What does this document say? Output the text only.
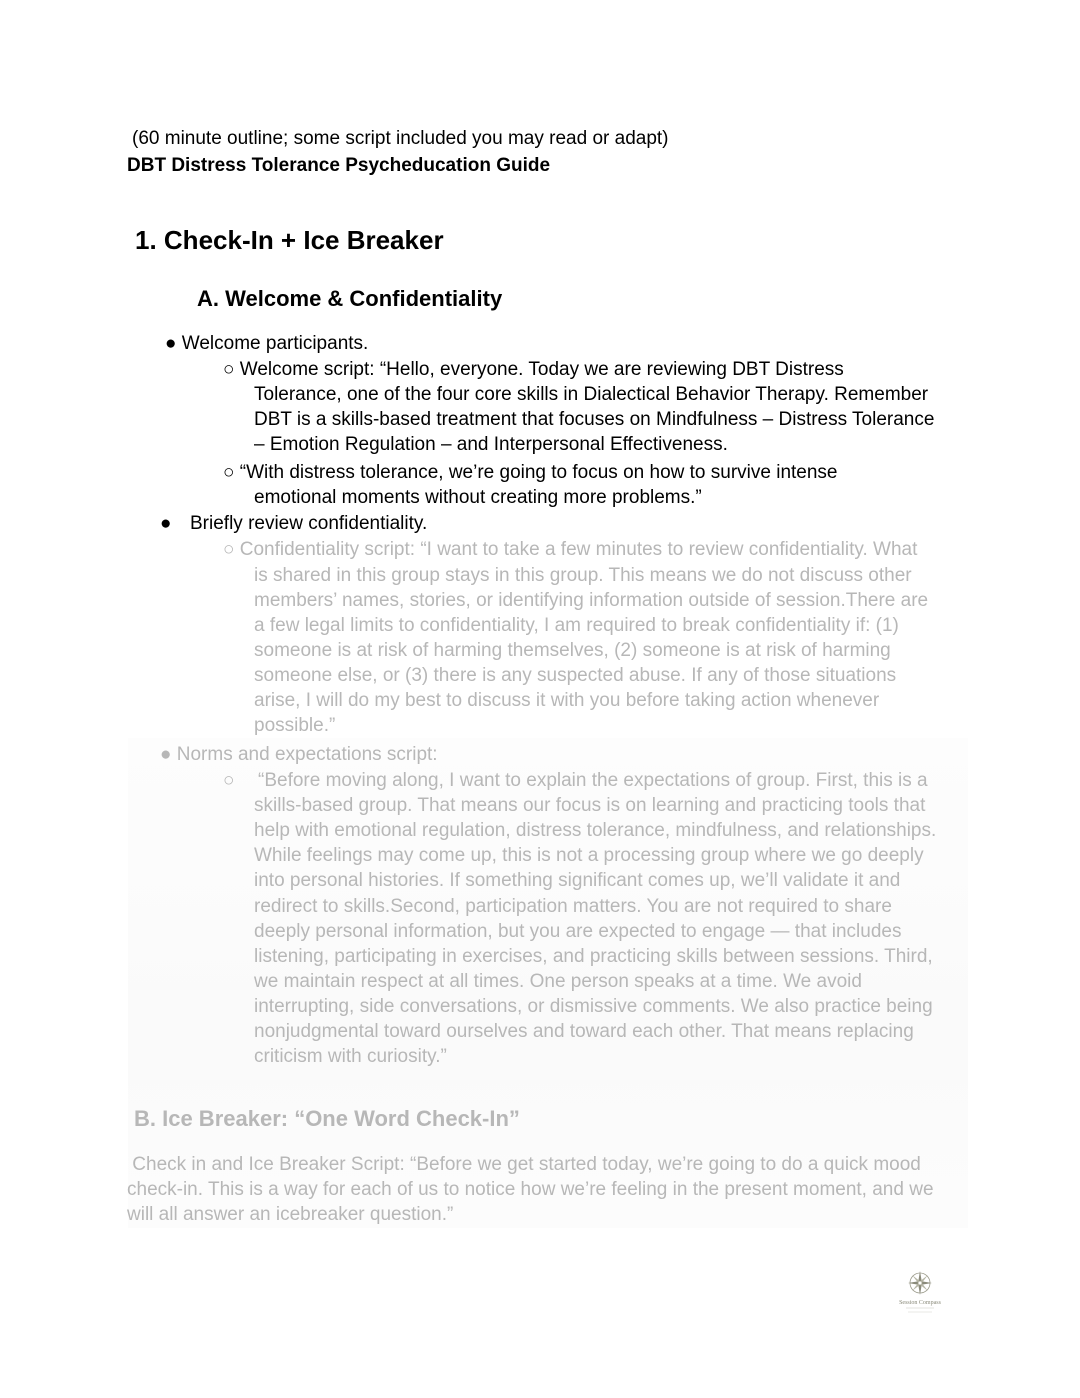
(60 minute outline; some script included you may read or adapt)
DBT Distress Tolerance Psycheducation Guide
1. Check-In + Ice Breaker
A. Welcome & Confidentiality
● Welcome participants.
○ Welcome script: “Hello, everyone. Today we are reviewing DBT Distress
Tolerance, one of the four core skills in Dialectical Behavior Therapy. Remember
DBT is a skills-based treatment that focuses on Mindfulness – Distress Tolerance
– Emotion Regulation – and Interpersonal Effectiveness.
○ “With distress tolerance, we’re going to focus on how to survive intense
emotional moments without creating more problems.”
● Briefly review confidentiality.
○ Confidentiality script: “I want to take a few minutes to review confidentiality. What
is shared in this group stays in this group. This means we do not discuss other
members’ names, stories, or identifying information outside of session.There are
a few legal limits to confidentiality, I am required to break confidentiality if: (1)
someone is at risk of harming themselves, (2) someone is at risk of harming
someone else, or (3) there is any suspected abuse. If any of those situations
arise, I will do my best to discuss it with you before taking action whenever
possible.”
● Norms and expectations script:
○ “Before moving along, I want to explain the expectations of group. First, this is a
skills-based group. That means our focus is on learning and practicing tools that
help with emotional regulation, distress tolerance, mindfulness, and relationships.
While feelings may come up, this is not a processing group where we go deeply
into personal histories. If something significant comes up, we’ll validate it and
redirect to skills.Second, participation matters. You are not required to share
deeply personal information, but you are expected to engage — that includes
listening, participating in exercises, and practicing skills between sessions. Third,
we maintain respect at all times. One person speaks at a time. We avoid
interrupting, side conversations, or dismissive comments. We also practice being
nonjudgmental toward ourselves and toward each other. That means replacing
criticism with curiosity.”
B. Ice Breaker: “One Word Check-In”
Check in and Ice Breaker Script: “Before we get started today, we’re going to do a quick mood
check-in. This is a way for each of us to notice how we’re feeling in the present moment, and we
will all answer an icebreaker question.”
Session Compass
